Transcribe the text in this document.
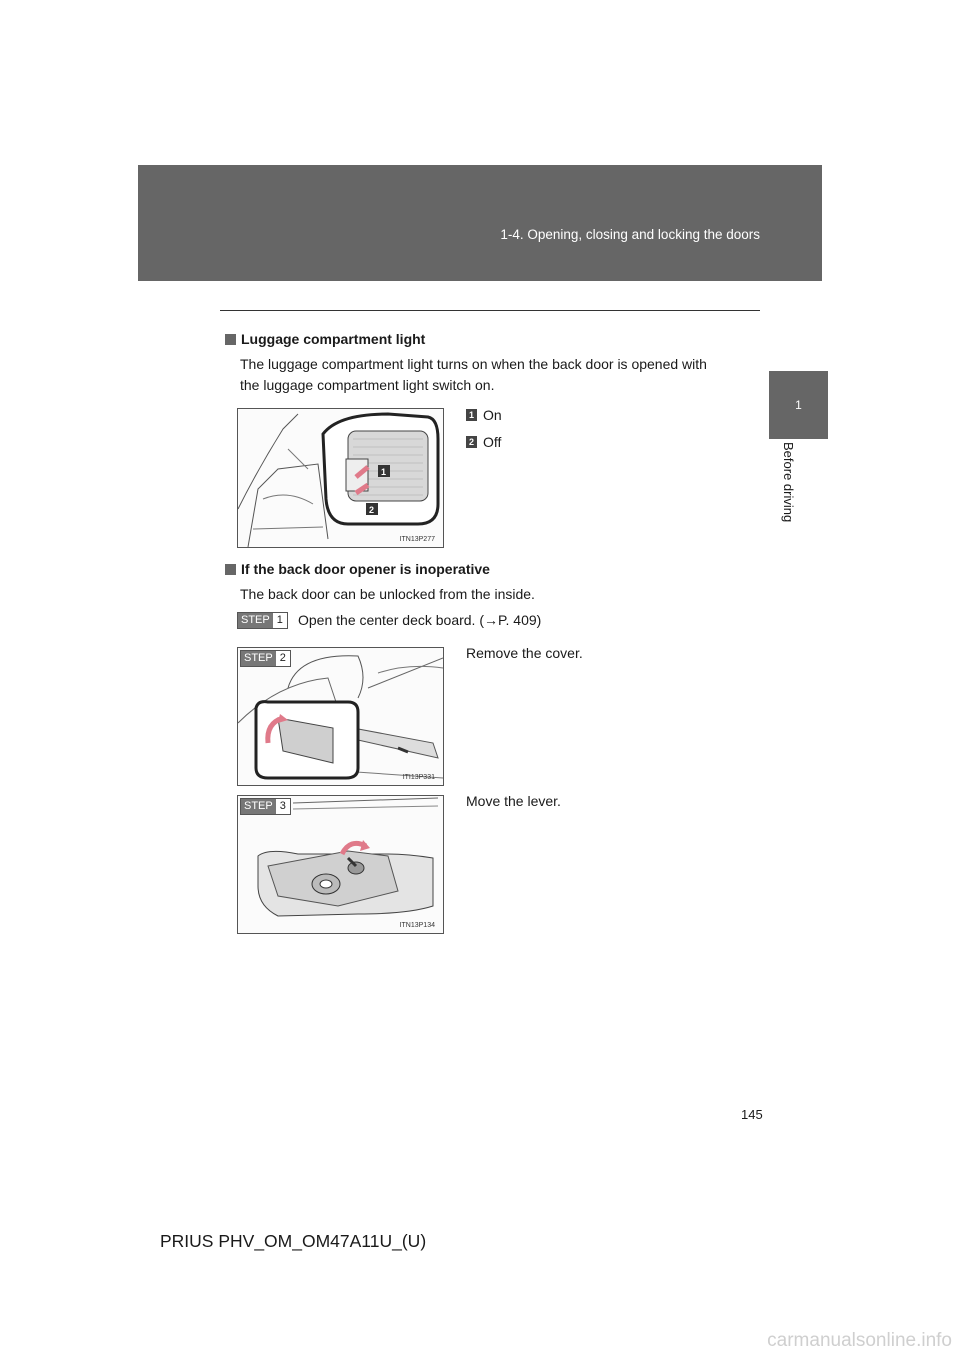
1-4. Opening, closing and locking the doors
1
Before driving
Luggage compartment light
The luggage compartment light turns on when the back door is opened with
the luggage compartment light switch on.
1
2
ITN13P277
1 On
2 Off
If the back door opener is inoperative
The back door can be unlocked from the inside.
STEP 1 Open the center deck board. (→P. 409)
STEP 2
ITI13P331
Remove the cover.
STEP 3
ITN13P134
Move the lever.
145
PRIUS PHV_OM_OM47A11U_(U)
carmanualsonline.info
